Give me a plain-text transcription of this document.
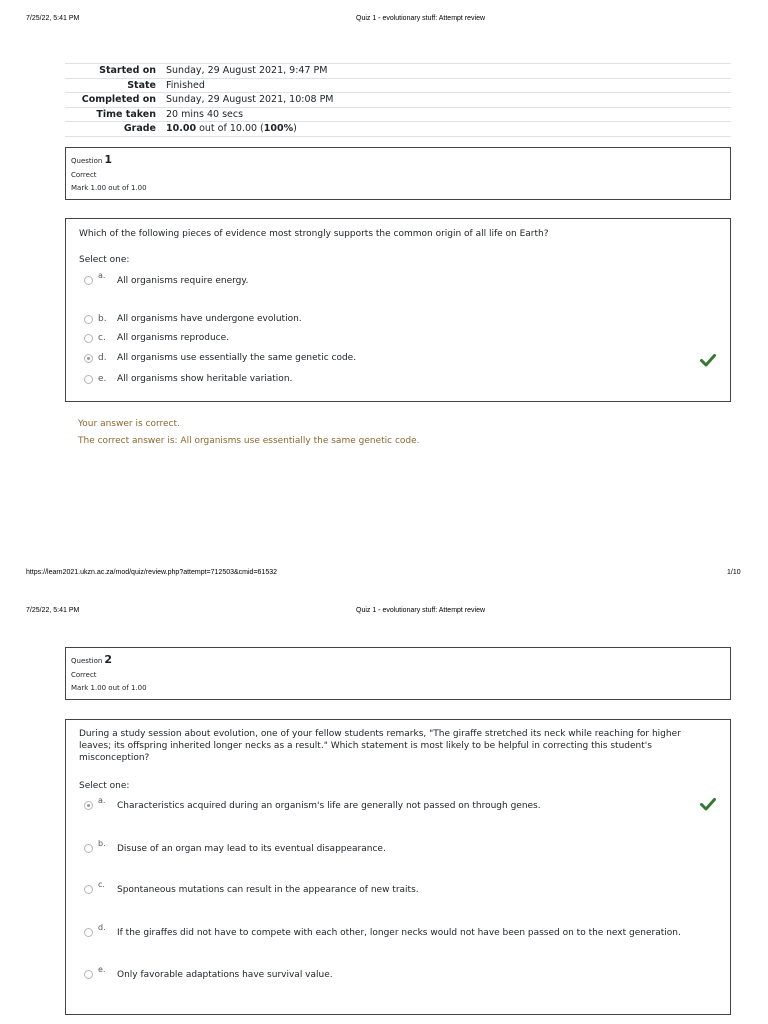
7/25/22, 5:41 PM	Quiz 1 - evolutionary stuff: Attempt review
Started on	Sunday, 29 August 2021, 9:47 PM
State	Finished
Completed on	Sunday, 29 August 2021, 10:08 PM
Time taken	20 mins 40 secs
Grade	10.00 out of 10.00 (100%)
Question 1
Correct
Mark 1.00 out of 1.00
Which of the following pieces of evidence most strongly supports the common origin of all life on Earth?
Select one:
a.
All organisms require energy.
b. All organisms have undergone evolution.
c. All organisms reproduce.
d. All organisms use essentially the same genetic code.
e. All organisms show heritable variation.
Your answer is correct.
The correct answer is: All organisms use essentially the same genetic code.
https://learn2021.ukzn.ac.za/mod/quiz/review.php?attempt=712503&cmid=61532	1/10
7/25/22, 5:41 PM	Quiz 1 - evolutionary stuff: Attempt review
Question 2
Correct
Mark 1.00 out of 1.00
During a study session about evolution, one of your fellow students remarks, "The giraffe stretched its neck while reaching for higher leaves; its offspring inherited longer necks as a result." Which statement is most likely to be helpful in correcting this student's misconception?
Select one:
a.
Characteristics acquired during an organism's life are generally not passed on through genes.
b.
Disuse of an organ may lead to its eventual disappearance.
c.
Spontaneous mutations can result in the appearance of new traits.
d.
If the giraffes did not have to compete with each other, longer necks would not have been passed on to the next generation.
e.
Only favorable adaptations have survival value.
